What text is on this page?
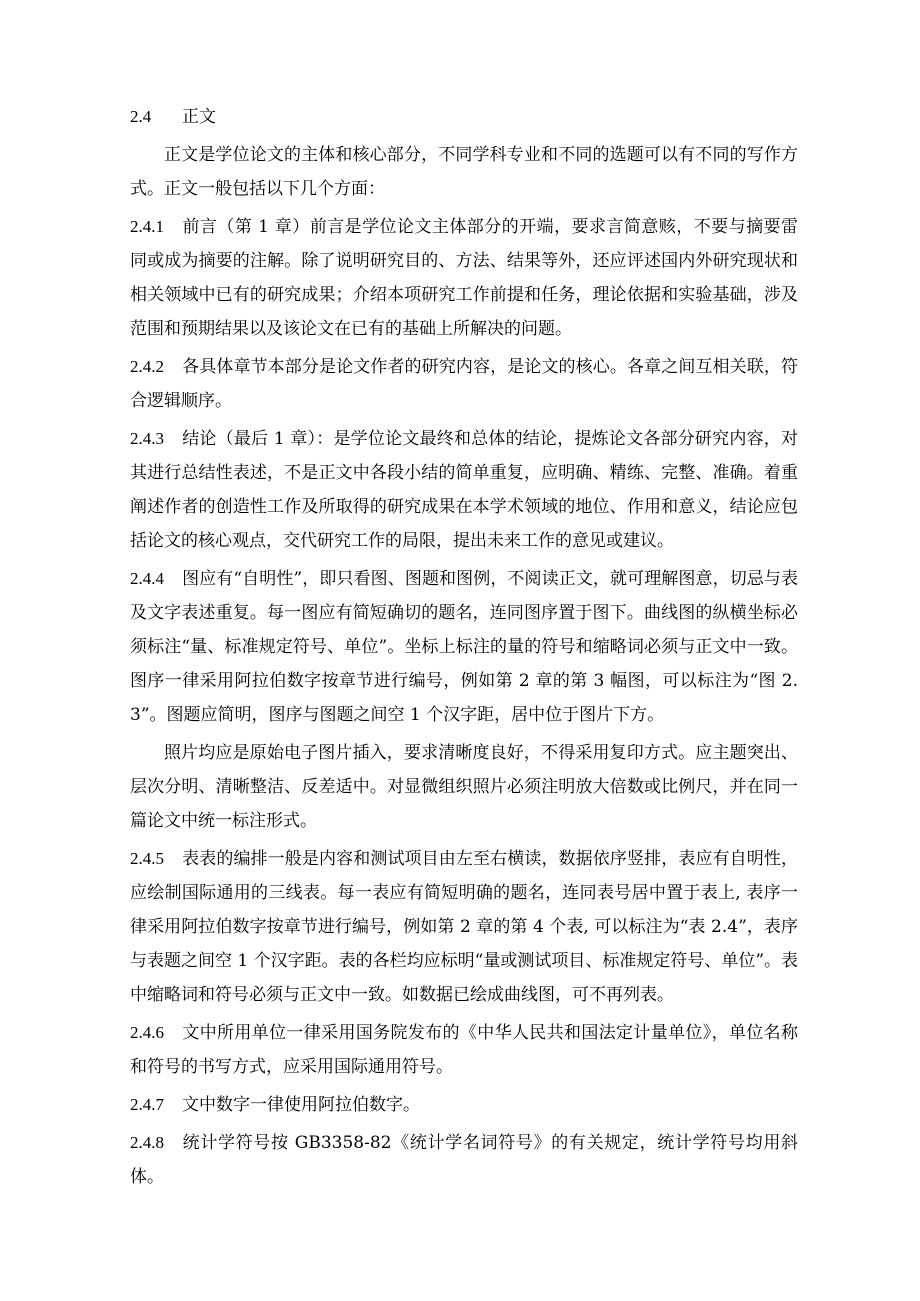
2.4 正文

正文是学位论文的主体和核心部分，不同学科专业和不同的选题可以有不同的写作方式。正文一般包括以下几个方面：

2.4.1 前言（第 1 章）前言是学位论文主体部分的开端，要求言简意赅，不要与摘要雷同或成为摘要的注解。除了说明研究目的、方法、结果等外，还应评述国内外研究现状和相关领域中已有的研究成果；介绍本项研究工作前提和任务，理论依据和实验基础，涉及范围和预期结果以及该论文在已有的基础上所解决的问题。

2.4.2 各具体章节本部分是论文作者的研究内容，是论文的核心。各章之间互相关联，符合逻辑顺序。

2.4.3 结论（最后 1 章）：是学位论文最终和总体的结论，提炼论文各部分研究内容，对其进行总结性表述，不是正文中各段小结的简单重复，应明确、精练、完整、准确。着重阐述作者的创造性工作及所取得的研究成果在本学术领域的地位、作用和意义，结论应包括论文的核心观点，交代研究工作的局限，提出未来工作的意见或建议。

2.4.4 图应有“自明性”，即只看图、图题和图例，不阅读正文，就可理解图意，切忌与表及文字表述重复。每一图应有简短确切的题名，连同图序置于图下。曲线图的纵横坐标必须标注“量、标准规定符号、单位”。坐标上标注的量的符号和缩略词必须与正文中一致。图序一律采用阿拉伯数字按章节进行编号，例如第 2 章的第 3 幅图，可以标注为“图 2.3”。图题应简明，图序与图题之间空 1 个汉字距，居中位于图片下方。

照片均应是原始电子图片插入，要求清晰度良好，不得采用复印方式。应主题突出、层次分明、清晰整洁、反差适中。对显微组织照片必须注明放大倍数或比例尺，并在同一篇论文中统一标注形式。

2.4.5 表表的编排一般是内容和测试项目由左至右横读，数据依序竖排，表应有自明性，应绘制国际通用的三线表。每一表应有简短明确的题名，连同表号居中置于表上, 表序一律采用阿拉伯数字按章节进行编号，例如第 2 章的第 4 个表, 可以标注为“表 2.4”，表序与表题之间空 1 个汉字距。表的各栏均应标明“量或测试项目、标准规定符号、单位”。表中缩略词和符号必须与正文中一致。如数据已绘成曲线图，可不再列表。

2.4.6 文中所用单位一律采用国务院发布的《中华人民共和国法定计量单位》，单位名称和符号的书写方式，应采用国际通用符号。

2.4.7 文中数字一律使用阿拉伯数字。

2.4.8 统计学符号按 GB3358-82《统计学名词符号》的有关规定，统计学符号均用斜体。
